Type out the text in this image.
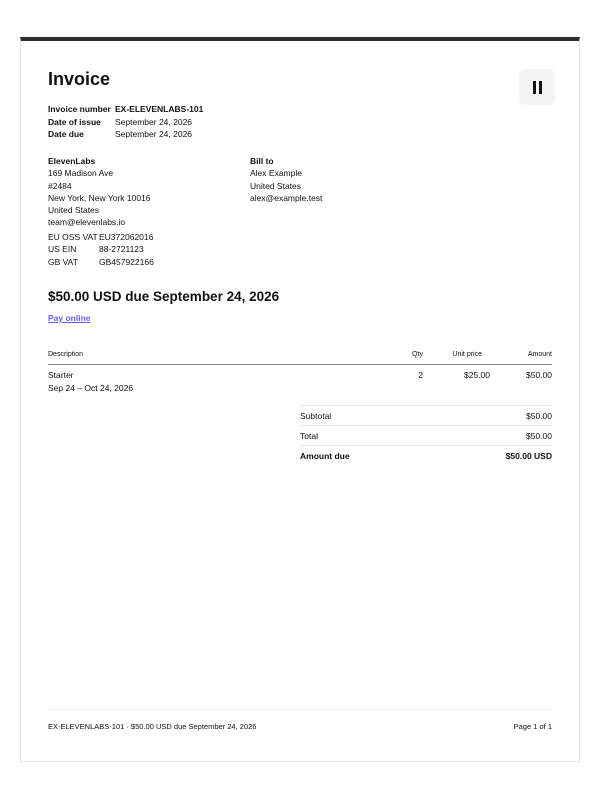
Invoice
Invoice number EX-ELEVENLABS-101
Date of issue	September 24, 2026
Date due	September 24, 2026
ElevenLabs
169 Madison Ave
#2484
New York, New York 10016
United States
team@elevenlabs.io
EU OSS VAT EU372062016
US EIN	88-2721123
GB VAT	GB457922166
Bill to
Alex Example
United States
alex@example.test
$50.00 USD due September 24, 2026
Pay online
Description	Qty	Unit price	Amount
Starter
Sep 24 – Oct 24, 2026
2	$25.00	$50.00
Subtotal	$50.00
Total	$50.00
Amount due	$50.00 USD
EX-ELEVENLABS-101 · $50.00 USD due September 24, 2026	Page 1 of 1
